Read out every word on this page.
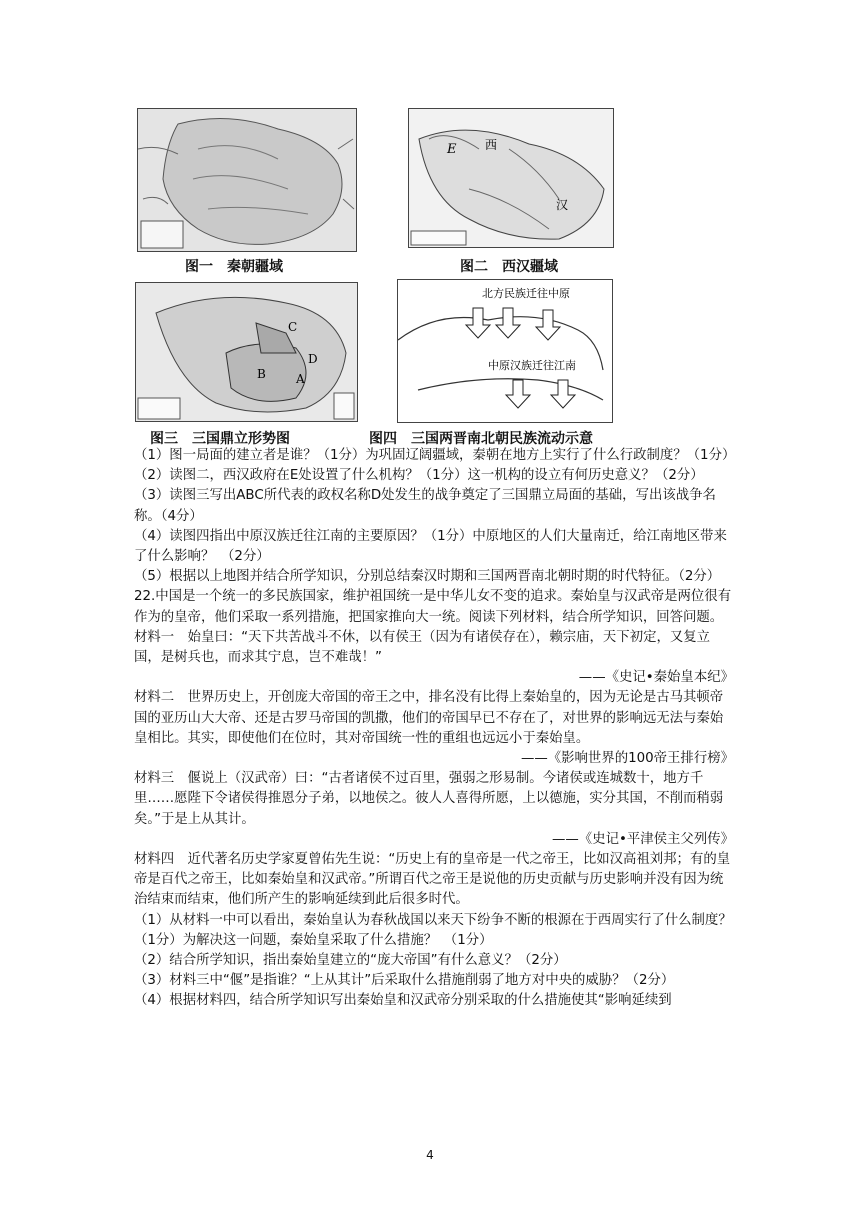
E 西
汉
图一　秦朝疆域	图二　西汉疆域
C
B
D
A
北方民族迁往中原
中原汉族迁往江南
图三　三国鼎立形势图	图四　三国两晋南北朝民族流动示意

（1）图一局面的建立者是谁？（1分）为巩固辽阔疆域，秦朝在地方上实行了什么行政制度？（1分）

（2）读图二，西汉政府在E处设置了什么机构？（1分）这一机构的设立有何历史意义？（2分）

（3）读图三写出ABC所代表的政权名称D处发生的战争奠定了三国鼎立局面的基础，写出该战争名称。（4分）

（4）读图四指出中原汉族迁往江南的主要原因？（1分）中原地区的人们大量南迁，给江南地区带来了什么影响？　（2分）

（5）根据以上地图并结合所学知识，分别总结秦汉时期和三国两晋南北朝时期的时代特征。（2分）

22.中国是一个统一的多民族国家，维护祖国统一是中华儿女不变的追求。秦始皇与汉武帝是两位很有作为的皇帝，他们采取一系列措施，把国家推向大一统。阅读下列材料，结合所学知识，回答问题。

材料一　始皇曰：“天下共苦战斗不休，以有侯王（因为有诸侯存在），赖宗庙，天下初定，又复立国，是树兵也，而求其宁息，岂不难哉！”

——《史记•秦始皇本纪》

材料二　世界历史上，开创庞大帝国的帝王之中，排名没有比得上秦始皇的，因为无论是古马其顿帝国的亚历山大大帝、还是古罗马帝国的凯撒，他们的帝国早已不存在了，对世界的影响远无法与秦始皇相比。其实，即使他们在位时，其对帝国统一性的重组也远远小于秦始皇。

——《影响世界的100帝王排行榜》

材料三　偃说上（汉武帝）曰：“古者诸侯不过百里，强弱之形易制。今诸侯或连城数十，地方千里……愿陛下令诸侯得推恩分子弟，以地侯之。彼人人喜得所愿，上以德施，实分其国，不削而稍弱矣。”于是上从其计。

——《史记•平津侯主父列传》

材料四　近代著名历史学家夏曾佑先生说：“历史上有的皇帝是一代之帝王，比如汉高祖刘邦；有的皇帝是百代之帝王，比如秦始皇和汉武帝。”所谓百代之帝王是说他的历史贡献与历史影响并没有因为统治结束而结束，他们所产生的影响延续到此后很多时代。

（1）从材料一中可以看出，秦始皇认为春秋战国以来天下纷争不断的根源在于西周实行了什么制度？（1分）为解决这一问题，秦始皇采取了什么措施？　（1分）

（2）结合所学知识，指出秦始皇建立的“庞大帝国”有什么意义？（2分）

（3）材料三中“偃”是指谁？“上从其计”后采取什么措施削弱了地方对中央的威胁？（2分）

（4）根据材料四，结合所学知识写出秦始皇和汉武帝分别采取的什么措施使其“影响延续到

4
